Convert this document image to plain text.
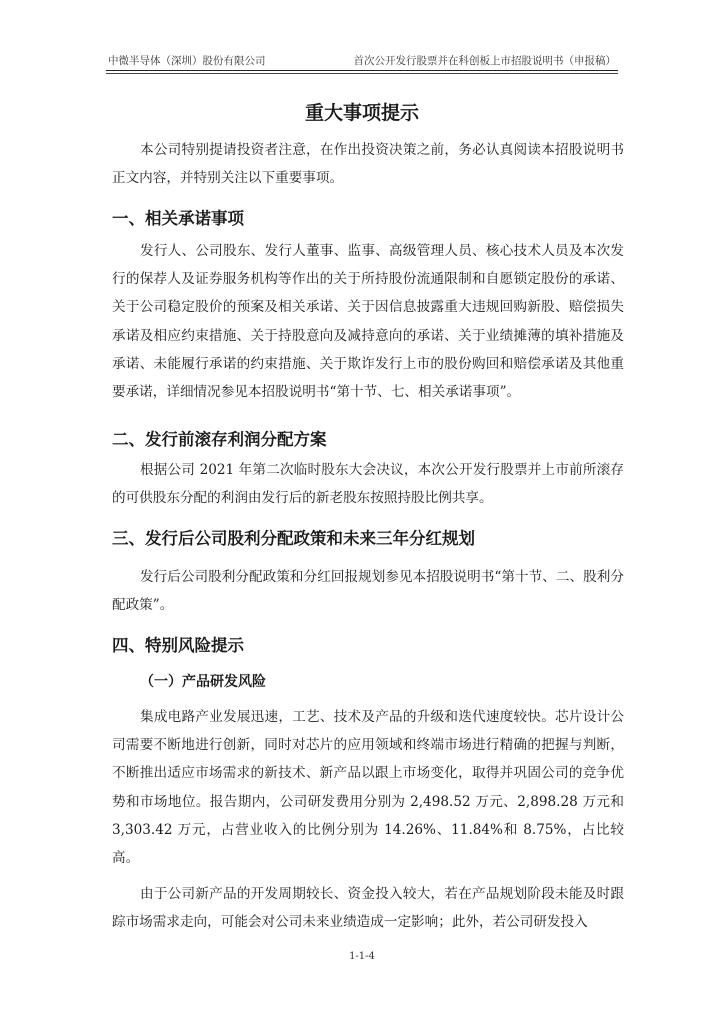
中微半导体（深圳）股份有限公司	首次公开发行股票并在科创板上市招股说明书（申报稿）
重大事项提示
本公司特别提请投资者注意，在作出投资决策之前，务必认真阅读本招股说明书正文内容，并特别关注以下重要事项。
一、相关承诺事项
发行人、公司股东、发行人董事、监事、高级管理人员、核心技术人员及本次发行的保荐人及证券服务机构等作出的关于所持股份流通限制和自愿锁定股份的承诺、关于公司稳定股价的预案及相关承诺、关于因信息披露重大违规回购新股、赔偿损失承诺及相应约束措施、关于持股意向及减持意向的承诺、关于业绩摊薄的填补措施及承诺、未能履行承诺的约束措施、关于欺诈发行上市的股份购回和赔偿承诺及其他重要承诺，详细情况参见本招股说明书“第十节、七、相关承诺事项”。
二、发行前滚存利润分配方案
根据公司 2021 年第二次临时股东大会决议，本次公开发行股票并上市前所滚存的可供股东分配的利润由发行后的新老股东按照持股比例共享。
三、发行后公司股利分配政策和未来三年分红规划
发行后公司股利分配政策和分红回报规划参见本招股说明书“第十节、二、股利分配政策”。
四、特别风险提示
（一）产品研发风险
集成电路产业发展迅速，工艺、技术及产品的升级和迭代速度较快。芯片设计公司需要不断地进行创新，同时对芯片的应用领域和终端市场进行精确的把握与判断，不断推出适应市场需求的新技术、新产品以跟上市场变化，取得并巩固公司的竞争优势和市场地位。报告期内，公司研发费用分别为 2,498.52 万元、2,898.28 万元和 3,303.42 万元，占营业收入的比例分别为 14.26%、11.84%和 8.75%，占比较高。
由于公司新产品的开发周期较长、资金投入较大，若在产品规划阶段未能及时跟踪市场需求走向，可能会对公司未来业绩造成一定影响；此外，若公司研发投入
1-1-4
